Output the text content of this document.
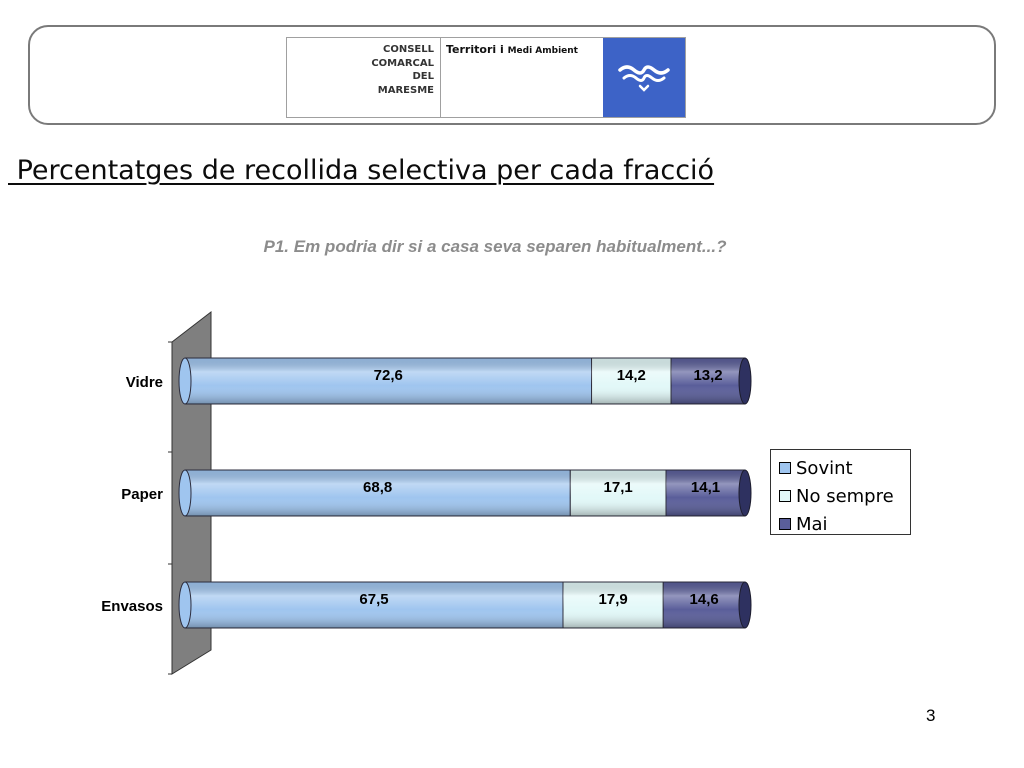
CONSELL
COMARCAL
DEL
MARESME
Territori i Medi Ambient
Percentatges de recollida selectiva per cada fracció
P1. Em podria dir si a casa seva separen habitualment...?
Vidre	72,6	14,2	13,2
Paper	68,8	17,1	14,1
Envasos	67,5	17,9	14,6
Sovint
No sempre
Mai
3
